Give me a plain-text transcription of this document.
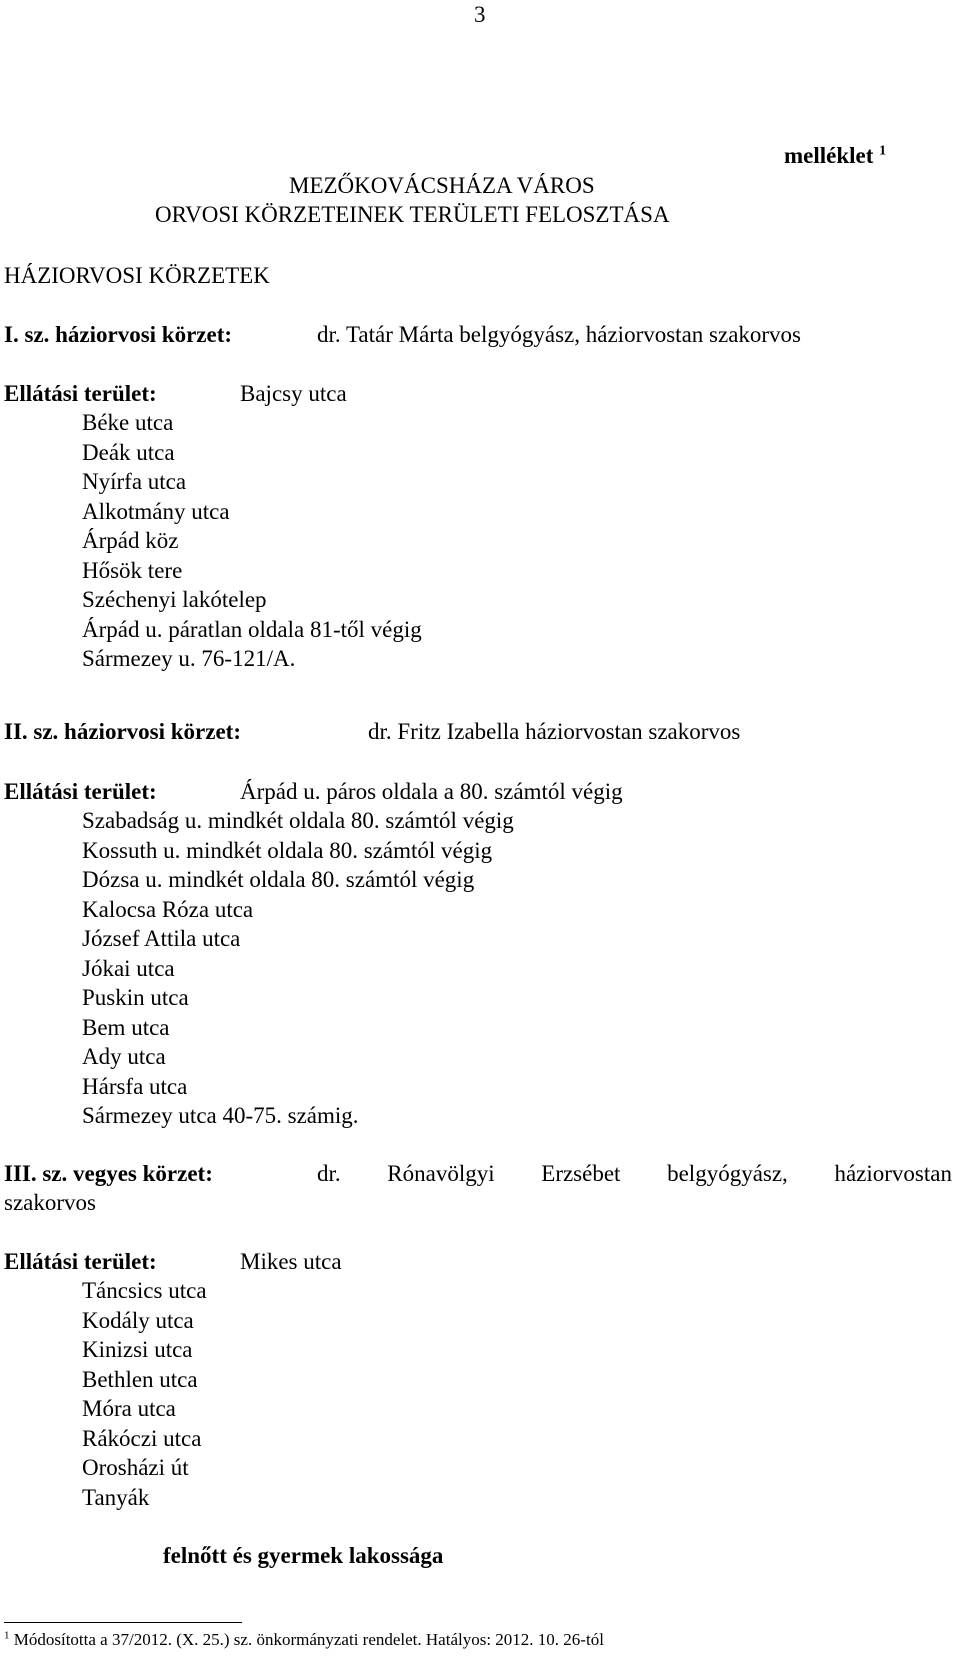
3
melléklet $^1$
MEZŐKOVÁCSHÁZA VÁROS
ORVOSI KÖRZETEINEK TERÜLETI FELOSZTÁSA
HÁZIORVOSI KÖRZETEK
I. sz. háziorvosi körzet:	dr. Tatár Márta belgyógyász, háziorvostan szakorvos
Ellátási terület:	Bajcsy utca
Béke utca
Deák utca
Nyírfa utca
Alkotmány utca
Árpád köz
Hősök tere
Széchenyi lakótelep
Árpád u. páratlan oldala 81-től végig
Sármezey u. 76-121/A.
II. sz. háziorvosi körzet:	dr. Fritz Izabella háziorvostan szakorvos
Ellátási terület:	Árpád u. páros oldala a 80. számtól végig
Szabadság u. mindkét oldala 80. számtól végig
Kossuth u. mindkét oldala 80. számtól végig
Dózsa u. mindkét oldala 80. számtól végig
Kalocsa Róza utca
József Attila utca
Jókai utca
Puskin utca
Bem utca
Ady utca
Hársfa utca
Sármezey utca 40-75. számig.
III. sz. vegyes körzet:	dr. Rónavölgyi Erzsébet belgyógyász, háziorvostan
szakorvos
Ellátási terület:	Mikes utca
Táncsics utca
Kodály utca
Kinizsi utca
Bethlen utca
Móra utca
Rákóczi utca
Orosházi út
Tanyák
felnőtt és gyermek lakossága
$^1$ Módosította a 37/2012. (X. 25.) sz. önkormányzati rendelet. Hatályos: 2012. 10. 26-tól
